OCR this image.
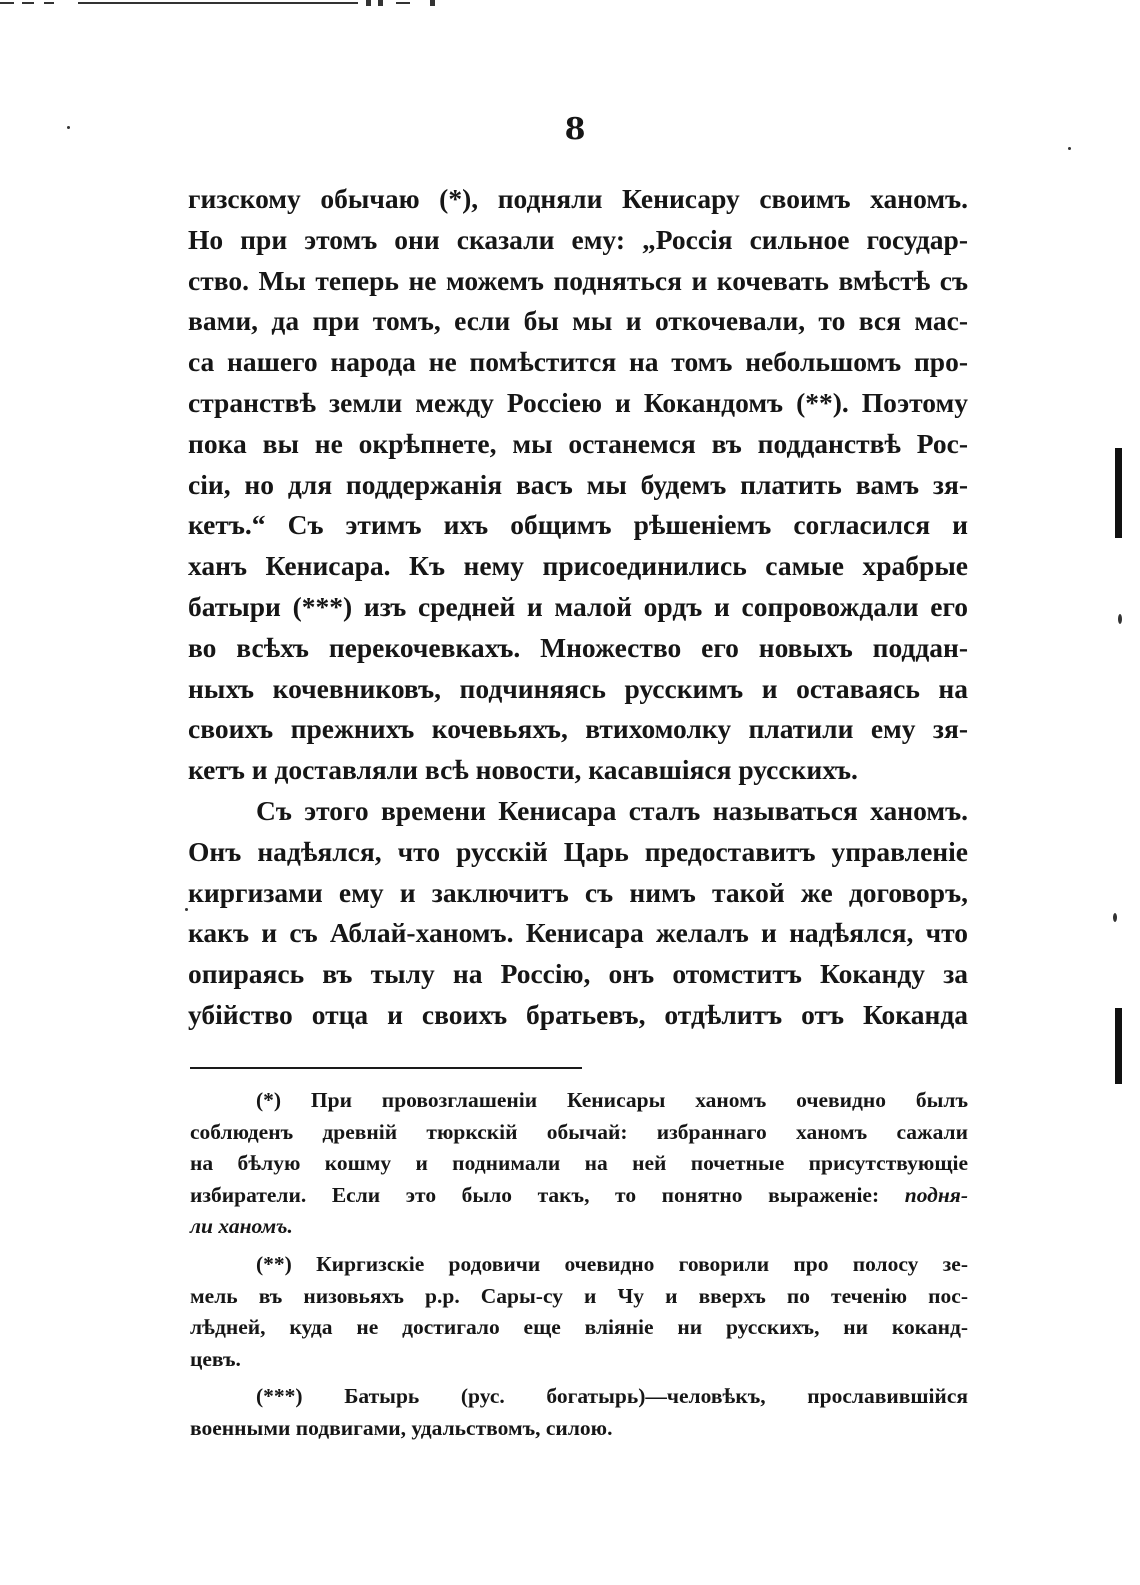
8
гизскому обычаю (*), подняли Кенисару своимъ ханомъ.
Но при этомъ они сказали ему: „Россія сильное государ-
ство. Мы теперь не можемъ подняться и кочевать вмѣстѣ съ
вами, да при томъ, если бы мы и откочевали, то вся мас-
са нашего народа не помѣстится на томъ небольшомъ про-
странствѣ земли между Россіею и Кокандомъ (**). Поэтому
пока вы не окрѣпнете, мы останемся въ подданствѣ Рос-
сіи, но для поддержанія васъ мы будемъ платить вамъ зя-
кетъ.“ Съ этимъ ихъ общимъ рѣшеніемъ согласился и
ханъ Кенисара. Къ нему присоединились самые храбрые
батыри (***) изъ средней и малой ордъ и сопровождали его
во всѣхъ перекочевкахъ. Множество его новыхъ поддан-
ныхъ кочевниковъ, подчиняясь русскимъ и оставаясь на
своихъ прежнихъ кочевьяхъ, втихомолку платили ему зя-
кетъ и доставляли всѣ новости, касавшіяся русскихъ.
Съ этого времени Кенисара сталъ называться ханомъ.
Онъ надѣялся, что русскій Царь предоставитъ управленіе
киргизами ему и заключитъ съ нимъ такой же договоръ,
какъ и съ Аблай-ханомъ. Кенисара желалъ и надѣялся, что
опираясь въ тылу на Россію, онъ отомститъ Коканду за
убійство отца и своихъ братьевъ, отдѣлитъ отъ Коканда
(*) При провозглашеніи Кенисары ханомъ очевидно былъ
соблюденъ древній тюркскій обычай: избраннаго ханомъ сажали
на бѣлую кошму и поднимали на ней почетные присутствующіе
избиратели. Если это было такъ, то понятно выраженіе: подня-
ли ханомъ.
(**) Киргизскіе родовичи очевидно говорили про полосу зе-
мель въ низовьяхъ р.р. Сары-су и Чу и вверхъ по теченію пос-
лѣдней, куда не достигало еще вліяніе ни русскихъ, ни коканд-
цевъ.
(***) Батырь (рус. богатырь)—человѣкъ, прославившійся
военными подвигами, удальствомъ, силою.
